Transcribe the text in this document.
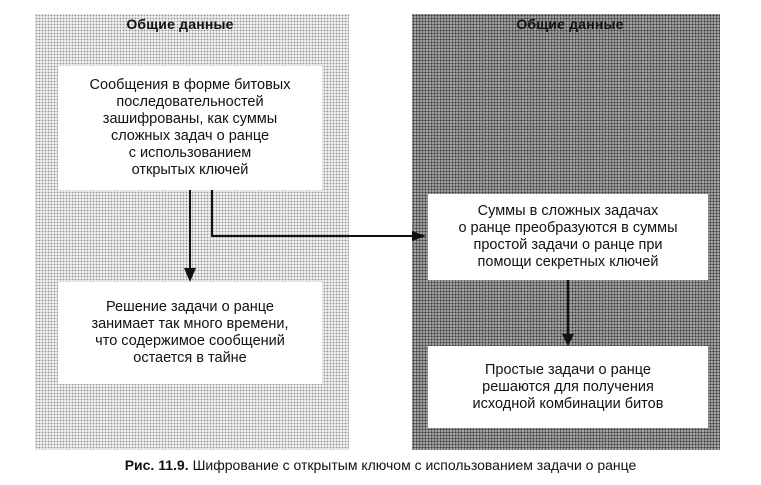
Общие данные	Общие данные
Сообщения в форме битовых
последовательностей
зашифрованы, как суммы
сложных задач о ранце
с использованием
открытых ключей
Решение задачи о ранце
занимает так много времени,
что содержимое сообщений
остается в тайне
Суммы в сложных задачах
о ранце преобразуются в суммы
простой задачи о ранце при
помощи секретных ключей
Простые задачи о ранце
решаются для получения
исходной комбинации битов
Рис. 11.9. Шифрование с открытым ключом с использованием задачи о ранце
